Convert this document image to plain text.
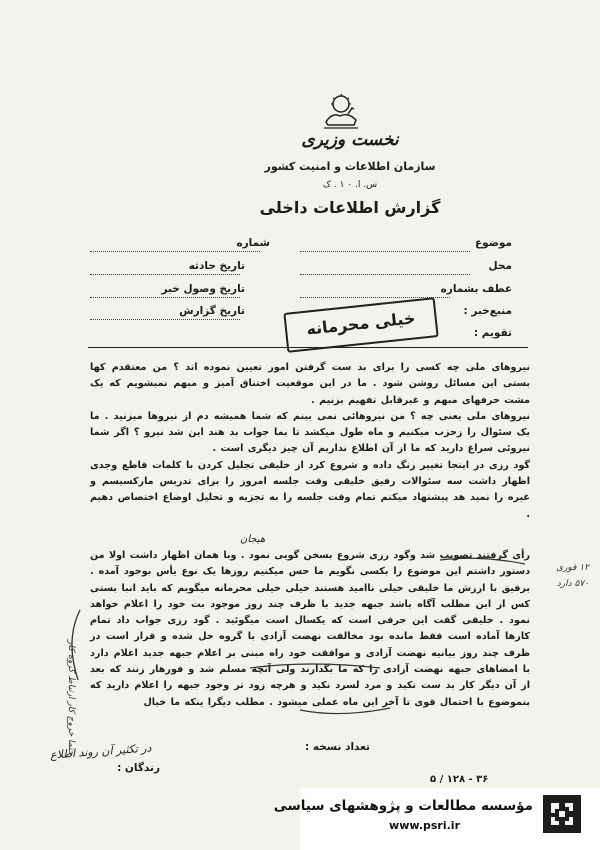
نخست وزیری
سازمان اطلاعات و امنیت کشور
س. ا. ۰ ۱ . ک
گزارش اطلاعات داخلی
موضوع
محل
عطف بشماره
منبع‌خبر :
تقویم :
شماره
تاریخ حادثه
تاریخ وصول خبر
تاریخ گزارش	خیلی محرمانه

نیروهای ملی چه کسی را برای بد ست گرفتن امور تعیین نموده اند ؟ من معتقدم کها بستی این مسائل روشن شود . ما در این موقعیت اختناق آمیز و مبهم نمیشویم که یک مشت حرفهای مبهم و غیرقابل تفهیم بزنیم .

نیروهای ملی یعنی چه ؟ من نیروهائی نمی بینم که شما همیشه دم از نیروها میزنید . ما یک سئوال را زحزب میکنیم و ماه طول میکشد تا بما جواب بد هند این شد نیرو ؟ اگر شما نیروئی سراغ دارید که ما از آن اطلاع نداریم آن چیز دیگری است .

گود رزی در اینجا تغییر رنگ داده و شروع کرد از خلیقی تجلیل کردن با کلمات قاطع وجدی اظهار داشت سه سئوالات رفیق خلیقی وقت جلسه امروز را برای تدریس مارکسیسم و غیره را نمید هد پیشنهاد میکنم تمام وقت جلسه را به تجزیه و تحلیل اوضاع اختصاص دهیم .

هیجان

رأی گرفتند تصویب شد وگود رزی شروع بسخن گویی نمود . وبا همان اظهار داشت اولا من دستور داشتم این موضوع را بکسی نگویم ما حس میکنیم روزها یک نوع یأس بوجود آمده . برفیق با ارزش ما خلیقی خیلی ناامید هستند خیلی خیلی محرمانه میگویم که باید انبا بستی کس از این مطلب آگاه باشد جبهه جدید با ظرف چند روز موجود بت خود را اعلام خواهد نمود . خلیقی گفت این حرفی است که یکسال است میگوئید . گود رزی جواب داد تمام کارها آماده است فقط مانده بود مخالفت نهضت آزادی با گروه حل شده و قرار است در ظرف چند روز بیانیه نهضت آزادی و موافقت خود راه مبنی بر اعلام جبهه جدید اعلام دارد با امضاهای جبهه نهضت آزادی را که ما بگذارند ولی آنچه مسلم شد و فورهار زنند که بعد از آن دیگر کار بد ست نکید و مرد لسرد نکید و هرچه زود تر وجود جبهه را اعلام دارید که بنموضوع با احتمال قوی تا آخر این ماه عملی میشود . مطلب دیگرا ینکه ما خیال

۱۲ فوری ۵۷۰ دارد
حتما خروج کار ارتباط گروه کار	تعداد نسخه :
در تکثیر آن روند اطلاع
رندگان :
۳۶ - ۱۲۸ / ۵
مؤسسه مطالعات و پژوهشهای سیاسی
www.psri.ir
